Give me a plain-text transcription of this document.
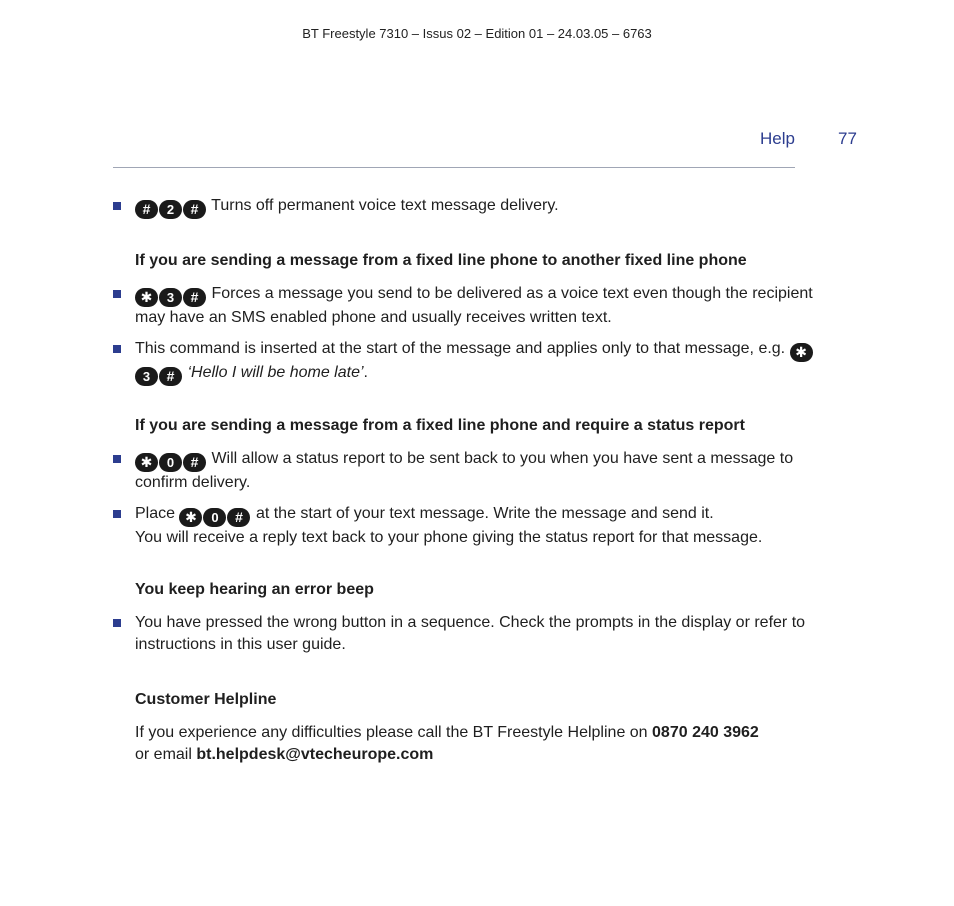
BT Freestyle 7310 – Issus 02 – Edition 01 – 24.03.05 – 6763
Help	77
# 2 # Turns off permanent voice text message delivery.
If you are sending a message from a fixed line phone to another fixed line phone
✱ 3 # Forces a message you send to be delivered as a voice text even though the recipient may have an SMS enabled phone and usually receives written text.
This command is inserted at the start of the message and applies only to that message, e.g. ✱3 # ‘Hello I will be home late’.
If you are sending a message from a fixed line phone and require a status report
✱ 0 # Will allow a status report to be sent back to you when you have sent a message to confirm delivery.
Place ✱ 0 # at the start of your text message. Write the message and send it.
You will receive a reply text back to your phone giving the status report for that message.
You keep hearing an error beep
You have pressed the wrong button in a sequence. Check the prompts in the display or refer to instructions in this user guide.
Customer Helpline
If you experience any difficulties please call the BT Freestyle Helpline on 0870 240 3962
or email bt.helpdesk@vtecheurope.com
